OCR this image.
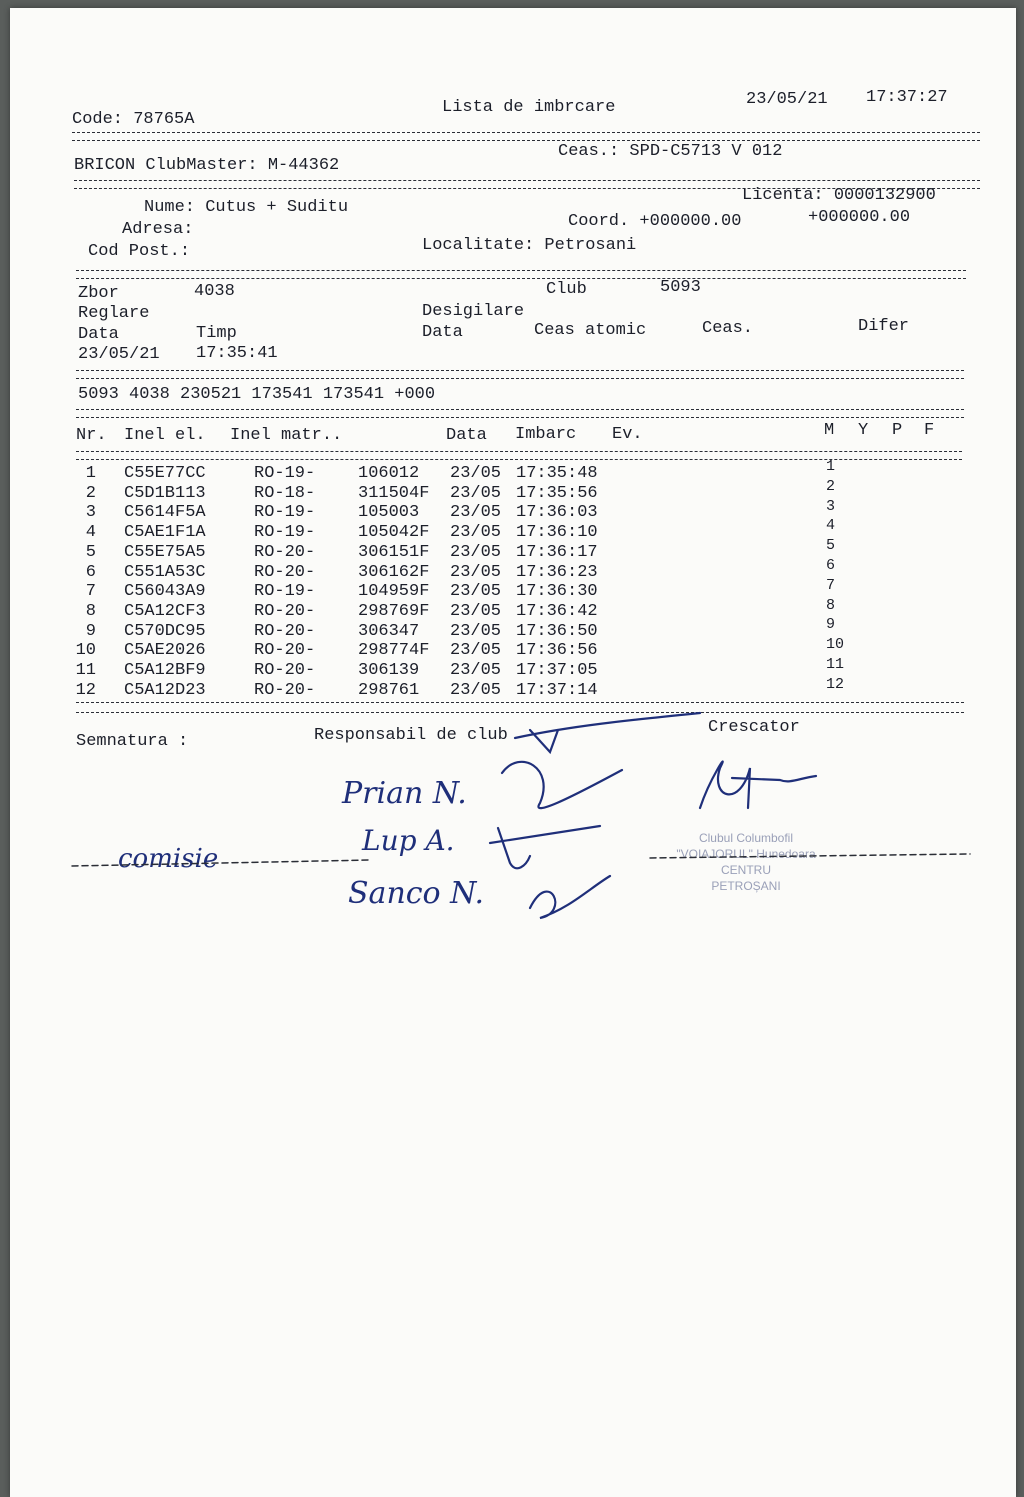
Code: 78765A
Lista de imbrcare	23/05/21 17:37:27
BRICON ClubMaster: M-44362
Ceas.: SPD-C5713 V 012
Licenta: 0000132900
Nume: Cutus + Suditu
Adresa:	Coord. +000000.00	+000000.00
Cod Post.:	Localitate: Petrosani
Zbor	4038	Club	5093
Reglare	Desigilare
Data	Timp	Data	Ceas atomic	Ceas.	Difer
23/05/21 17:35:41
5093 4038 230521 173541 173541 +000
Nr. Inel el. Inel matr..	Data Imbarc Ev.	M Y P F
1 C55E77CC	RO-19-	106012 23/05 17:35:48	1
2 C5D1B113	RO-18-	311504F 23/05 17:35:56	2
3 C5614F5A	RO-19-	105003 23/05 17:36:03	3
4 C5AE1F1A	RO-19-	105042F 23/05 17:36:10	4
5 C55E75A5	RO-20-	306151F 23/05 17:36:17	5
6 C551A53C	RO-20-	306162F 23/05 17:36:23	6
7 C56043A9	RO-19-	104959F 23/05 17:36:30	7
8 C5A12CF3	RO-20-	298769F 23/05 17:36:42	8
9 C570DC95	RO-20-	306347 23/05 17:36:50	9
10 C5AE2026	RO-20-	298774F 23/05 17:36:56	10
11 C5A12BF9	RO-20-	306139 23/05 17:37:05	11
12 C5A12D23	RO-20-	298761 23/05 17:37:14	12
Semnatura :	Responsabil de club	Crescator
Prian N.
Lup A.
Sanco N.
comisie
Clubul Columbofil
"VOIAJORUL" Hunedoara
CENTRU
PETROȘANI
